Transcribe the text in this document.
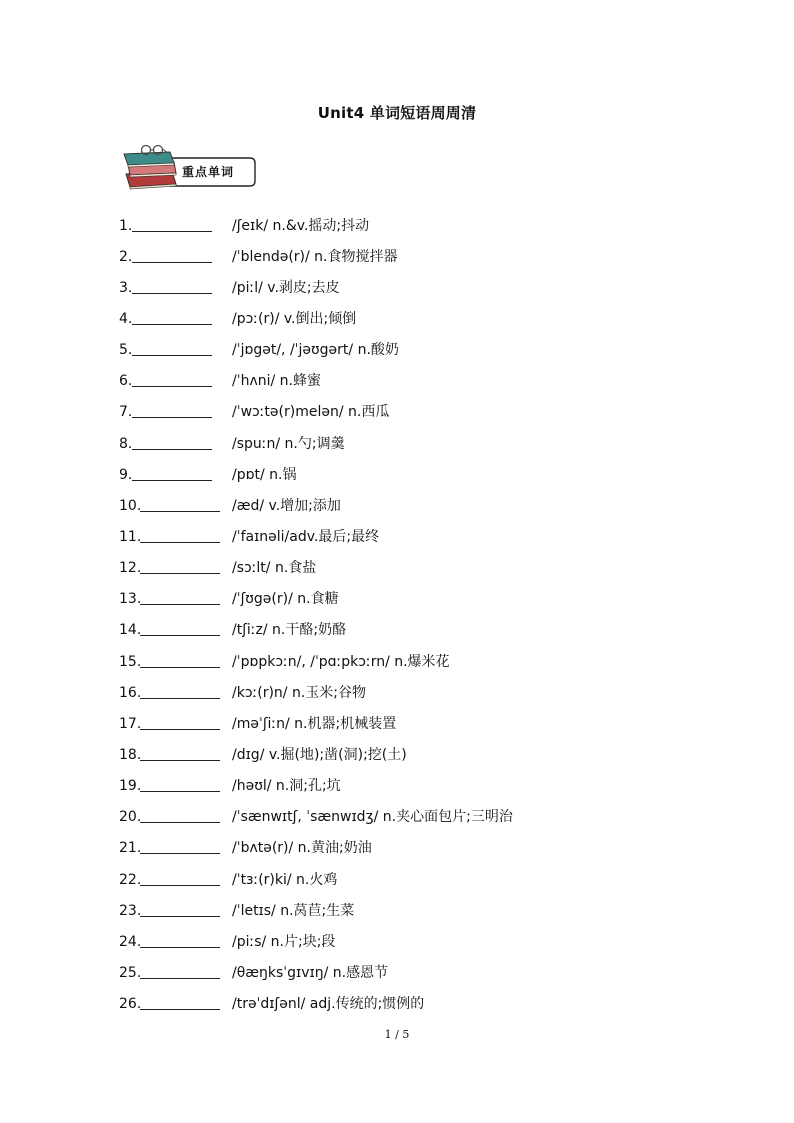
Unit4 单词短语周周清
重点单词
1.	/ʃeɪk/ n.&v.摇动;抖动
2.	/ˈblendə(r)/ n.食物搅拌器
3.	/piːl/ v.剥皮;去皮
4.	/pɔː(r)/ v.倒出;倾倒
5.	/ˈjɒgət/, /ˈjəʊgərt/ n.酸奶
6.	/ˈhʌni/ n.蜂蜜
7.	/ˈwɔːtə(r)melən/ n.西瓜
8.	/spuːn/ n.勺;调羹
9.	/pɒt/ n.锅
10.	/æd/ v.增加;添加
11.	/ˈfaɪnəli/adv.最后;最终
12.	/sɔːlt/ n.食盐
13.	/ˈʃʊgə(r)/ n.食糖
14.	/tʃiːz/ n.干酪;奶酪
15.	/ˈpɒpkɔːn/, /ˈpɑːpkɔːrn/ n.爆米花
16.	/kɔː(r)n/ n.玉米;谷物
17.	/məˈʃiːn/ n.机器;机械装置
18.	/dɪg/ v.掘(地);凿(洞);挖(土)
19.	/həʊl/ n.洞;孔;坑
20.	/ˈsænwɪtʃ, ˈsænwɪdʒ/ n.夹心面包片;三明治
21.	/ˈbʌtə(r)/ n.黄油;奶油
22.	/ˈtɜː(r)ki/ n.火鸡
23.	/ˈletɪs/ n.莴苣;生菜
24.	/piːs/ n.片;块;段
25.	/θæŋksˈgɪvɪŋ/ n.感恩节
26.	/trəˈdɪʃənl/ adj.传统的;惯例的
1 / 5
